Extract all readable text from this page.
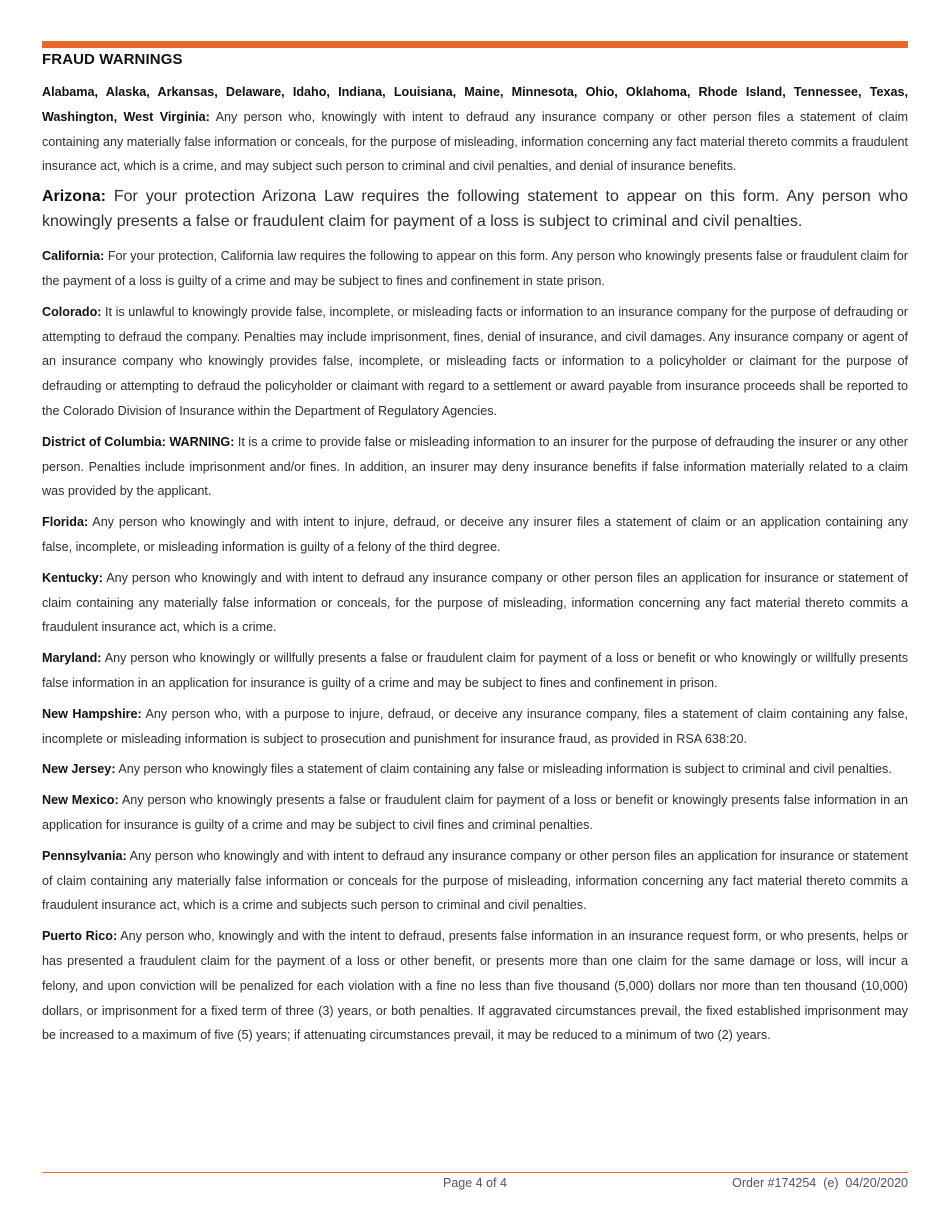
FRAUD WARNINGS

Alabama, Alaska, Arkansas, Delaware, Idaho, Indiana, Louisiana, Maine, Minnesota, Ohio, Oklahoma, Rhode Island, Tennessee, Texas, Washington, West Virginia: Any person who, knowingly with intent to defraud any insurance company or other person files a statement of claim containing any materially false information or conceals, for the purpose of misleading, information concerning any fact material thereto commits a fraudulent insurance act, which is a crime, and may subject such person to criminal and civil penalties, and denial of insurance benefits.

Arizona: For your protection Arizona Law requires the following statement to appear on this form. Any person who knowingly presents a false or fraudulent claim for payment of a loss is subject to criminal and civil penalties.

California: For your protection, California law requires the following to appear on this form. Any person who knowingly presents false or fraudulent claim for the payment of a loss is guilty of a crime and may be subject to fines and confinement in state prison.

Colorado: It is unlawful to knowingly provide false, incomplete, or misleading facts or information to an insurance company for the purpose of defrauding or attempting to defraud the company. Penalties may include imprisonment, fines, denial of insurance, and civil damages. Any insurance company or agent of an insurance company who knowingly provides false, incomplete, or misleading facts or information to a policyholder or claimant for the purpose of defrauding or attempting to defraud the policyholder or claimant with regard to a settlement or award payable from insurance proceeds shall be reported to the Colorado Division of Insurance within the Department of Regulatory Agencies.

District of Columbia: WARNING: It is a crime to provide false or misleading information to an insurer for the purpose of defrauding the insurer or any other person. Penalties include imprisonment and/or fines. In addition, an insurer may deny insurance benefits if false information materially related to a claim was provided by the applicant.

Florida: Any person who knowingly and with intent to injure, defraud, or deceive any insurer files a statement of claim or an application containing any false, incomplete, or misleading information is guilty of a felony of the third degree.

Kentucky: Any person who knowingly and with intent to defraud any insurance company or other person files an application for insurance or statement of claim containing any materially false information or conceals, for the purpose of misleading, information concerning any fact material thereto commits a fraudulent insurance act, which is a crime.

Maryland: Any person who knowingly or willfully presents a false or fraudulent claim for payment of a loss or benefit or who knowingly or willfully presents false information in an application for insurance is guilty of a crime and may be subject to fines and confinement in prison.

New Hampshire: Any person who, with a purpose to injure, defraud, or deceive any insurance company, files a statement of claim containing any false, incomplete or misleading information is subject to prosecution and punishment for insurance fraud, as provided in RSA 638:20.

New Jersey: Any person who knowingly files a statement of claim containing any false or misleading information is subject to criminal and civil penalties.

New Mexico: Any person who knowingly presents a false or fraudulent claim for payment of a loss or benefit or knowingly presents false information in an application for insurance is guilty of a crime and may be subject to civil fines and criminal penalties.

Pennsylvania: Any person who knowingly and with intent to defraud any insurance company or other person files an application for insurance or statement of claim containing any materially false information or conceals for the purpose of misleading, information concerning any fact material thereto commits a fraudulent insurance act, which is a crime and subjects such person to criminal and civil penalties.

Puerto Rico: Any person who, knowingly and with the intent to defraud, presents false information in an insurance request form, or who presents, helps or has presented a fraudulent claim for the payment of a loss or other benefit, or presents more than one claim for the same damage or loss, will incur a felony, and upon conviction will be penalized for each violation with a fine no less than five thousand (5,000) dollars nor more than ten thousand (10,000) dollars, or imprisonment for a fixed term of three (3) years, or both penalties. If aggravated circumstances prevail, the fixed established imprisonment may be increased to a maximum of five (5) years; if attenuating circumstances prevail, it may be reduced to a minimum of two (2) years.

Page 4 of 4	Order #174254  (e)  04/20/2020
